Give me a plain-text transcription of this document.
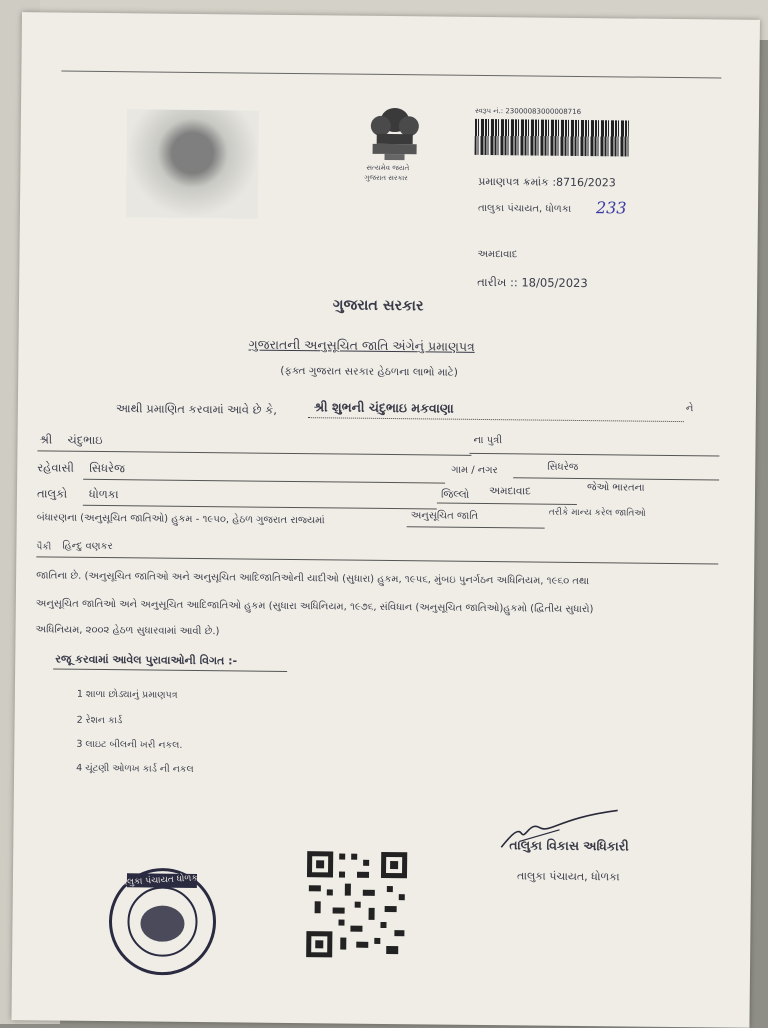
સત્યમેવ જયતે
ગુજરાત સરકાર
સ્વરૂપ નં.: 23000083000008716
પ્રમાણપત્ર ક્રમાંક :8716/2023
તાલુકા પંચાયત, ધોળકા 233
અમદાવાદ
તારીખ :: 18/05/2023
ગુજરાત સરકાર
ગુજરાતની અનુસૂચિત જાતિ અંગેનું પ્રમાણપત્ર
(ફક્ત ગુજરાત સરકાર હેઠળના લાભો માટે)
આથી પ્રમાણિત કરવામાં આવે છે કે,	શ્રી શુભની ચંદુભાઇ મકવાણા	ને
શ્રી ચંદુભાઇ	ના પુત્રી
રહેવાસી સિધરેજ	ગામ / નગર	સિધરેજ
તાલુકો ધોળકા	જિલ્લો અમદાવાદ	જેઓ ભારતના
બંધારણના (અનુસૂચિત જાતિઓ) હુકમ - ૧૯૫૦, હેઠળ ગુજરાત રાજ્યમાં	અનુસૂચિત જાતિ	તરીકે માન્ય કરેલ જાતિઓ
પૈકી હિન્દુ વણકર
જાતિના છે. (અનુસૂચિત જાતિઓ અને અનુસૂચિત આદિજાતિઓની યાદીઓ (સુધારા) હુકમ, ૧૯૫૬, મુંબઇ પુનર્ગઠન અધિનિયમ, ૧૯૬૦ તથા
અનુસૂચિત જાતિઓ અને અનુસૂચિત આદિજાતિઓ હુકમ (સુધારા અધિનિયમ, ૧૯૭૬, સંવિધાન (અનુસૂચિત જાતિઓ)હુકમો (દ્વિતીય સુધારો)
અધિનિયમ, ૨૦૦૨ હેઠળ સુધારવામાં આવી છે.)
રજૂ કરવામાં આવેલ પુરાવાઓની વિગત :-
1 શાળા છોડ્યાનું પ્રમાણપત્ર
2 રેશન કાર્ડ
3 લાઇટ બીલની ખરી નકલ.
4 ચૂંટણી ઓળખ કાર્ડ ની નકલ
તાલુકા વિકાસ અધિકારી
તાલુકા પંચાયત, ધોળકા
તાલુકા પંચાયત ધોળકા
